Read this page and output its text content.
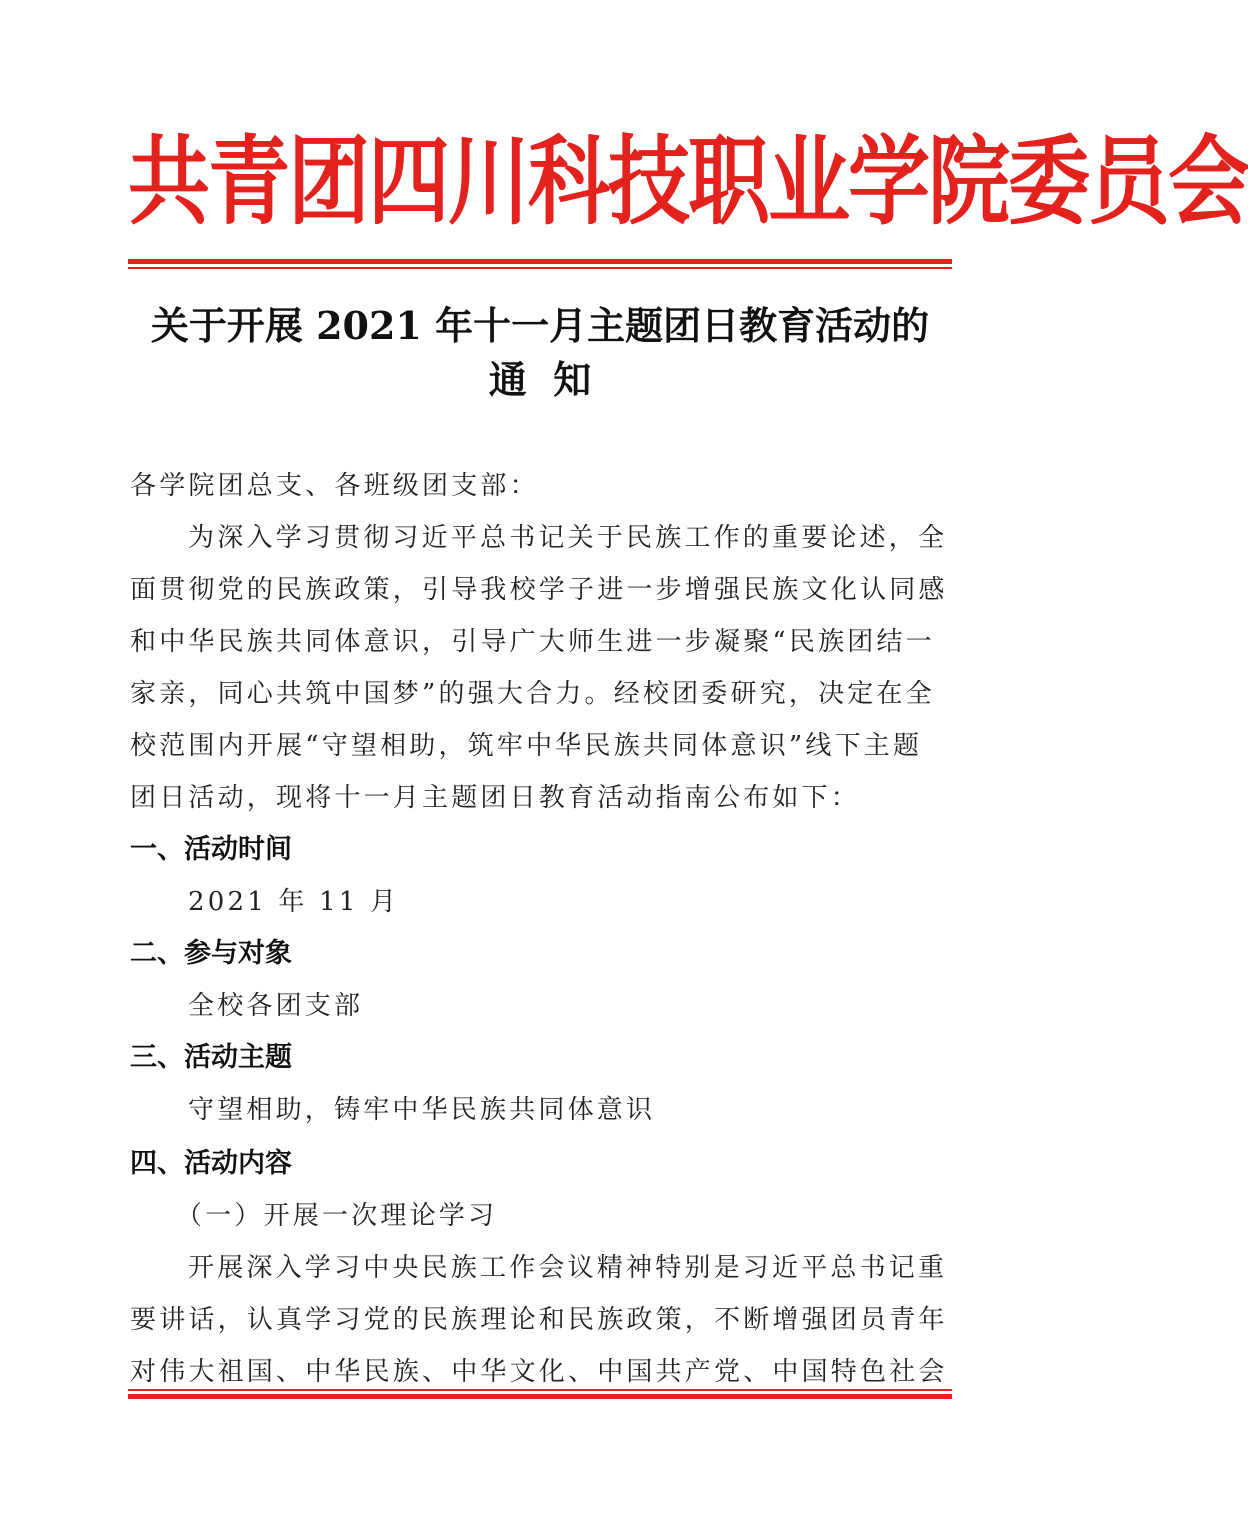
共青团四川科技职业学院委员会
关于开展 2021 年十一月主题团日教育活动的
通  知
各学院团总支、各班级团支部：
为深入学习贯彻习近平总书记关于民族工作的重要论述，全
面贯彻党的民族政策，引导我校学子进一步增强民族文化认同感
和中华民族共同体意识，引导广大师生进一步凝聚“民族团结一
家亲，同心共筑中国梦”的强大合力。经校团委研究，决定在全
校范围内开展“守望相助，筑牢中华民族共同体意识”线下主题
团日活动，现将十一月主题团日教育活动指南公布如下：
一、活动时间
2021 年 11 月
二、参与对象
全校各团支部
三、活动主题
守望相助，铸牢中华民族共同体意识
四、活动内容
（一）开展一次理论学习
开展深入学习中央民族工作会议精神特别是习近平总书记重
要讲话，认真学习党的民族理论和民族政策，不断增强团员青年
对伟大祖国、中华民族、中华文化、中国共产党、中国特色社会
